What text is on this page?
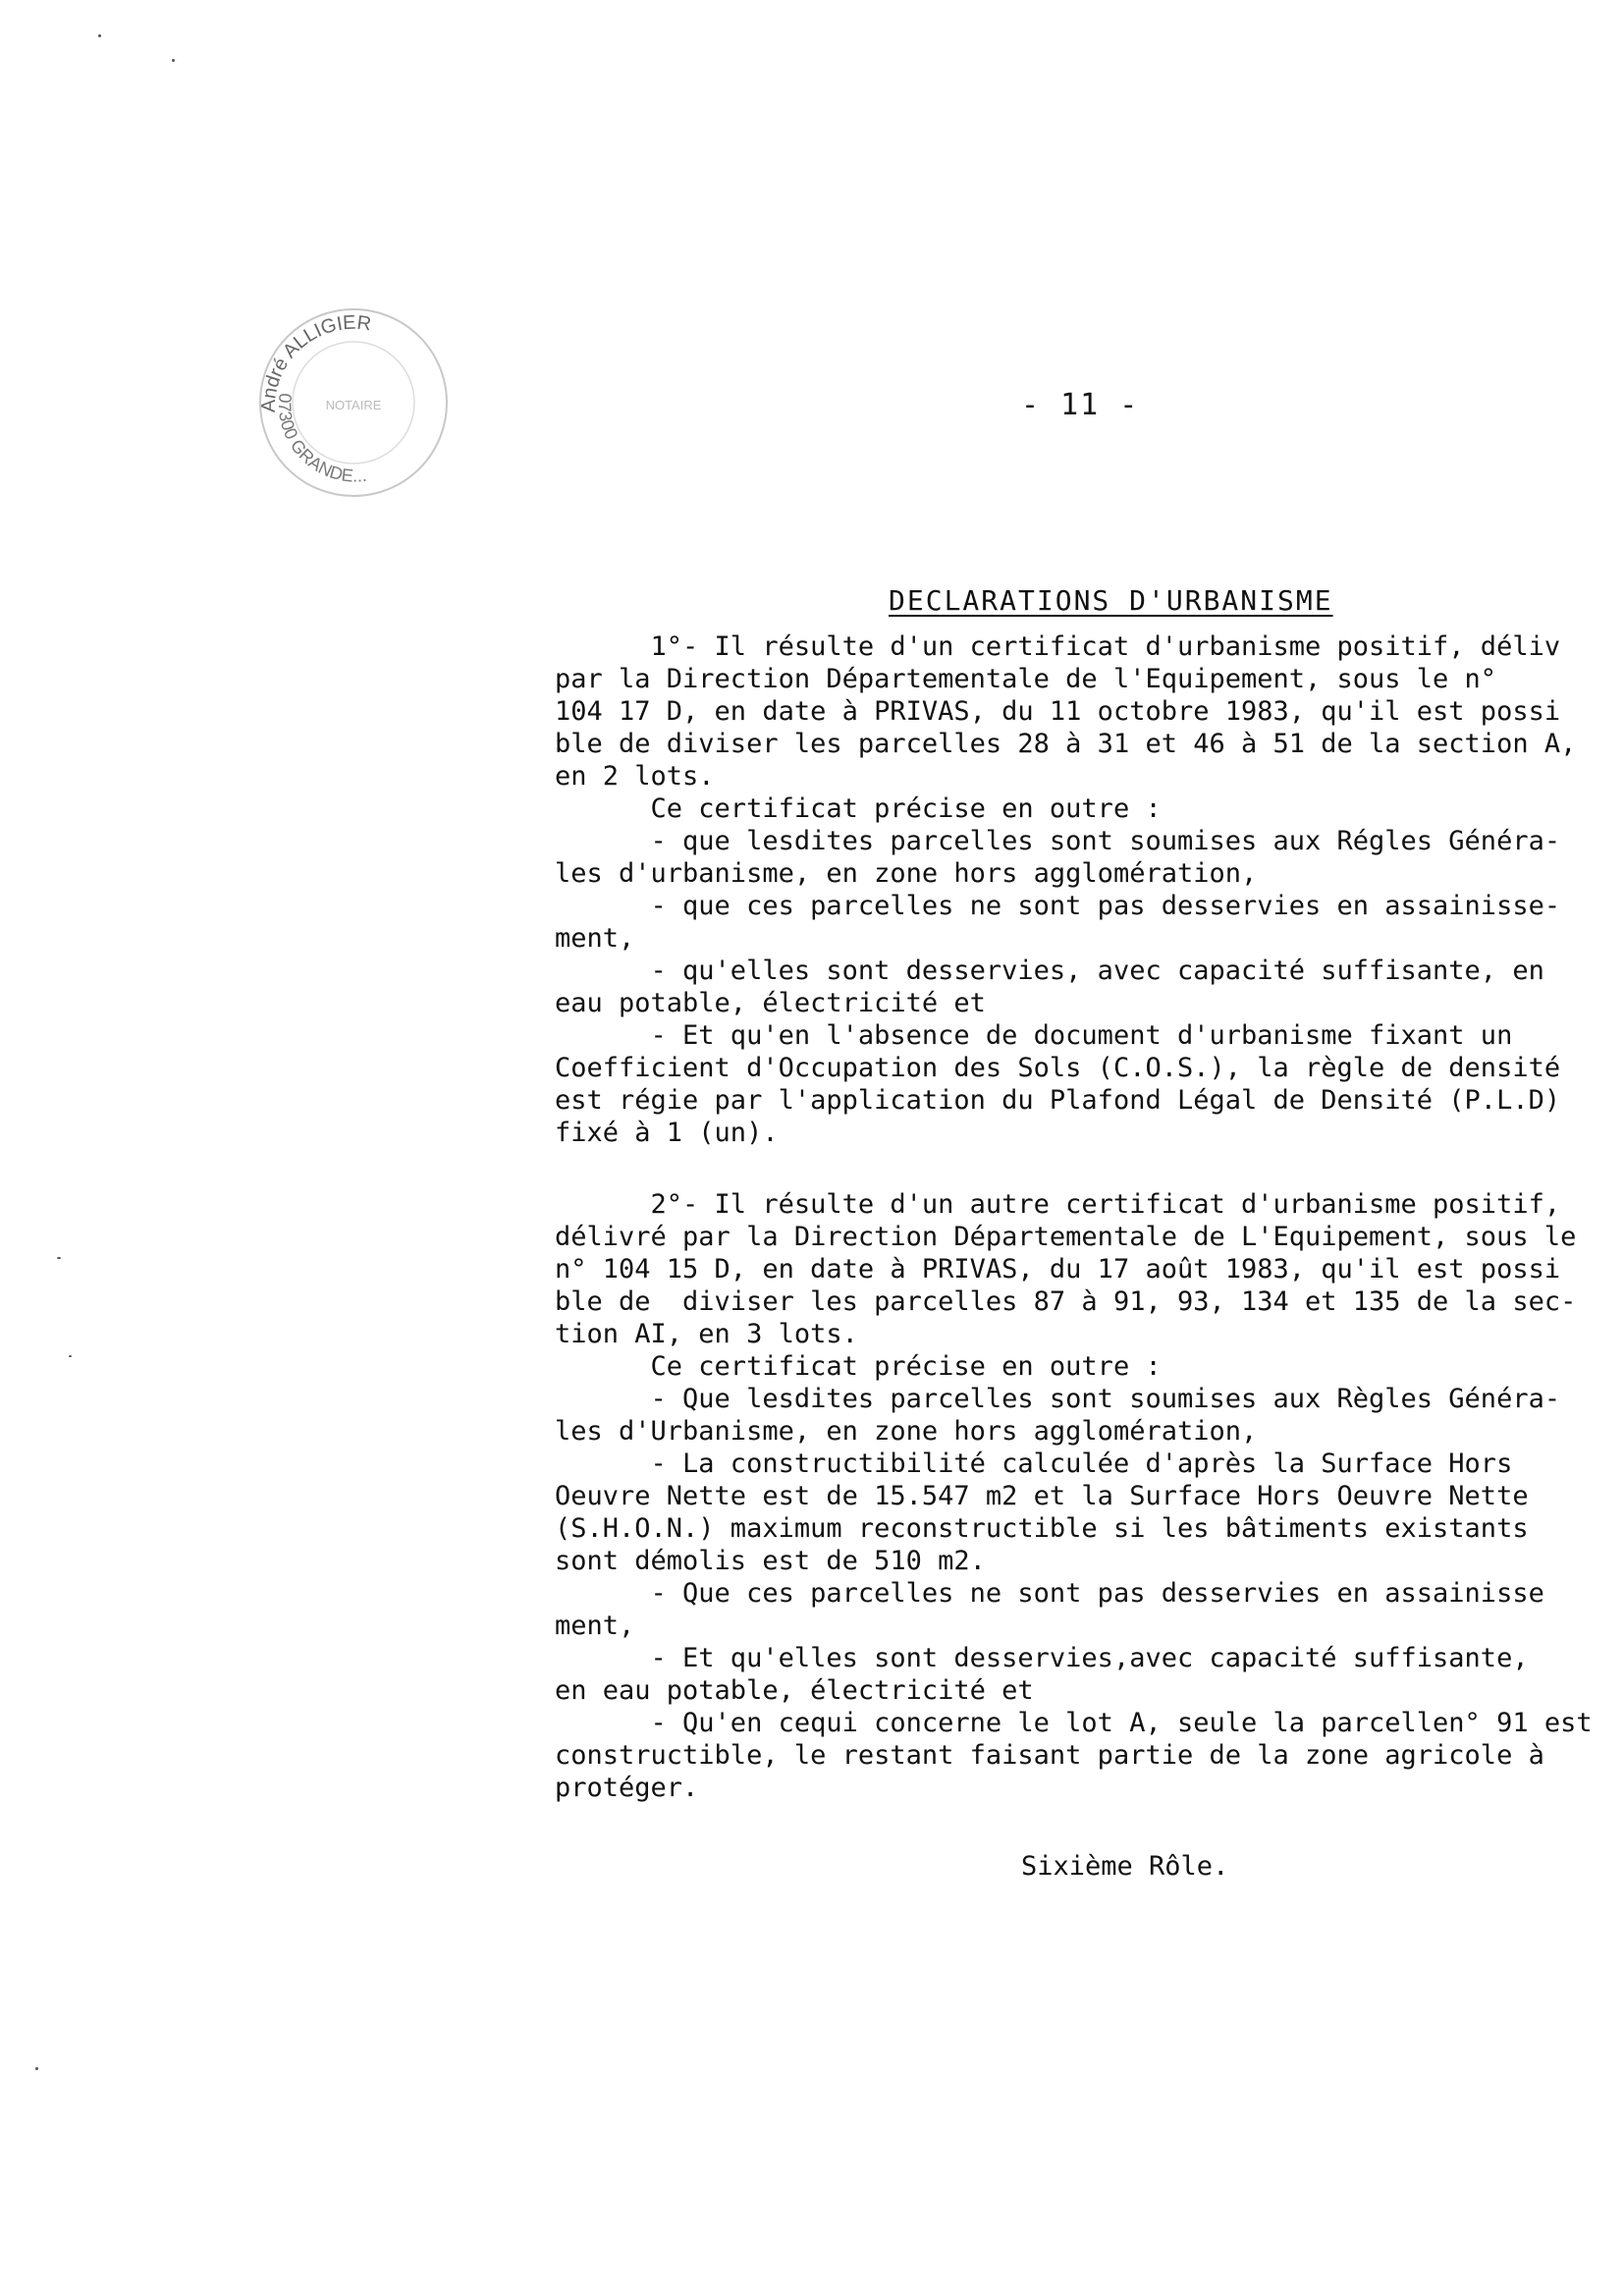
André ALLIGIER
07300 GRANDE...
NOTAIRE	- 11 -
DECLARATIONS D'URBANISME
1°- Il résulte d'un certificat d'urbanisme positif, déliv
par la Direction Départementale de l'Equipement, sous le n°
104 17 D, en date à PRIVAS, du 11 octobre 1983, qu'il est possi
ble de diviser les parcelles 28 à 31 et 46 à 51 de la section A,
en 2 lots.
Ce certificat précise en outre :
- que lesdites parcelles sont soumises aux Régles Généra-
les d'urbanisme, en zone hors agglomération,
- que ces parcelles ne sont pas desservies en assainisse-
ment,
- qu'elles sont desservies, avec capacité suffisante, en
eau potable, électricité et
- Et qu'en l'absence de document d'urbanisme fixant un
Coefficient d'Occupation des Sols (C.O.S.), la règle de densité
est régie par l'application du Plafond Légal de Densité (P.L.D)
fixé à 1 (un).
2°- Il résulte d'un autre certificat d'urbanisme positif,
délivré par la Direction Départementale de L'Equipement, sous le
n° 104 15 D, en date à PRIVAS, du 17 août 1983, qu'il est possi
ble de  diviser les parcelles 87 à 91, 93, 134 et 135 de la sec-
tion AI, en 3 lots.
Ce certificat précise en outre :
- Que lesdites parcelles sont soumises aux Règles Généra-
les d'Urbanisme, en zone hors agglomération,
- La constructibilité calculée d'après la Surface Hors
Oeuvre Nette est de 15.547 m2 et la Surface Hors Oeuvre Nette
(S.H.O.N.) maximum reconstructible si les bâtiments existants
sont démolis est de 510 m2.
- Que ces parcelles ne sont pas desservies en assainisse
ment,
- Et qu'elles sont desservies,avec capacité suffisante,
en eau potable, électricité et
- Qu'en cequi concerne le lot A, seule la parcellen° 91 est
constructible, le restant faisant partie de la zone agricole à
protéger.
Sixième Rôle.
